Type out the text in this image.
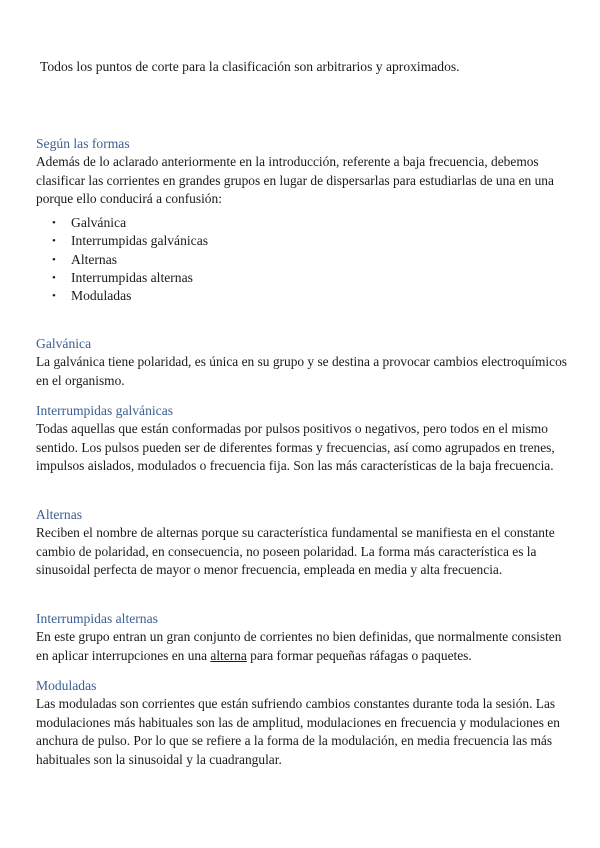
Todos los puntos de corte para la clasificación son arbitrarios y aproximados.
Según las formas

Además de lo aclarado anteriormente en la introducción, referente a baja frecuencia, debemos clasificar las corrientes en grandes grupos en lugar de dispersarlas para estudiarlas de una en una porque ello conducirá a confusión:

• Galvánica
• Interrumpidas galvánicas
• Alternas
• Interrumpidas alternas
• Moduladas
Galvánica

La galvánica tiene polaridad, es única en su grupo y se destina a provocar cambios electroquímicos en el organismo.

Interrumpidas galvánicas

Todas aquellas que están conformadas por pulsos positivos o negativos, pero todos en el mismo sentido. Los pulsos pueden ser de diferentes formas y frecuencias, así como agrupados en trenes, impulsos aislados, modulados o frecuencia fija. Son las más características de la baja frecuencia.

Alternas

Reciben el nombre de alternas porque su característica fundamental se manifiesta en el constante cambio de polaridad, en consecuencia, no poseen polaridad. La forma más característica es la sinusoidal perfecta de mayor o menor frecuencia, empleada en media y alta frecuencia.

Interrumpidas alternas

En este grupo entran un gran conjunto de corrientes no bien definidas, que normalmente consisten en aplicar interrupciones en una alterna para formar pequeñas ráfagas o paquetes.

Moduladas

Las moduladas son corrientes que están sufriendo cambios constantes durante toda la sesión. Las modulaciones más habituales son las de amplitud, modulaciones en frecuencia y modulaciones en anchura de pulso. Por lo que se refiere a la forma de la modulación, en media frecuencia las más habituales son la sinusoidal y la cuadrangular.
